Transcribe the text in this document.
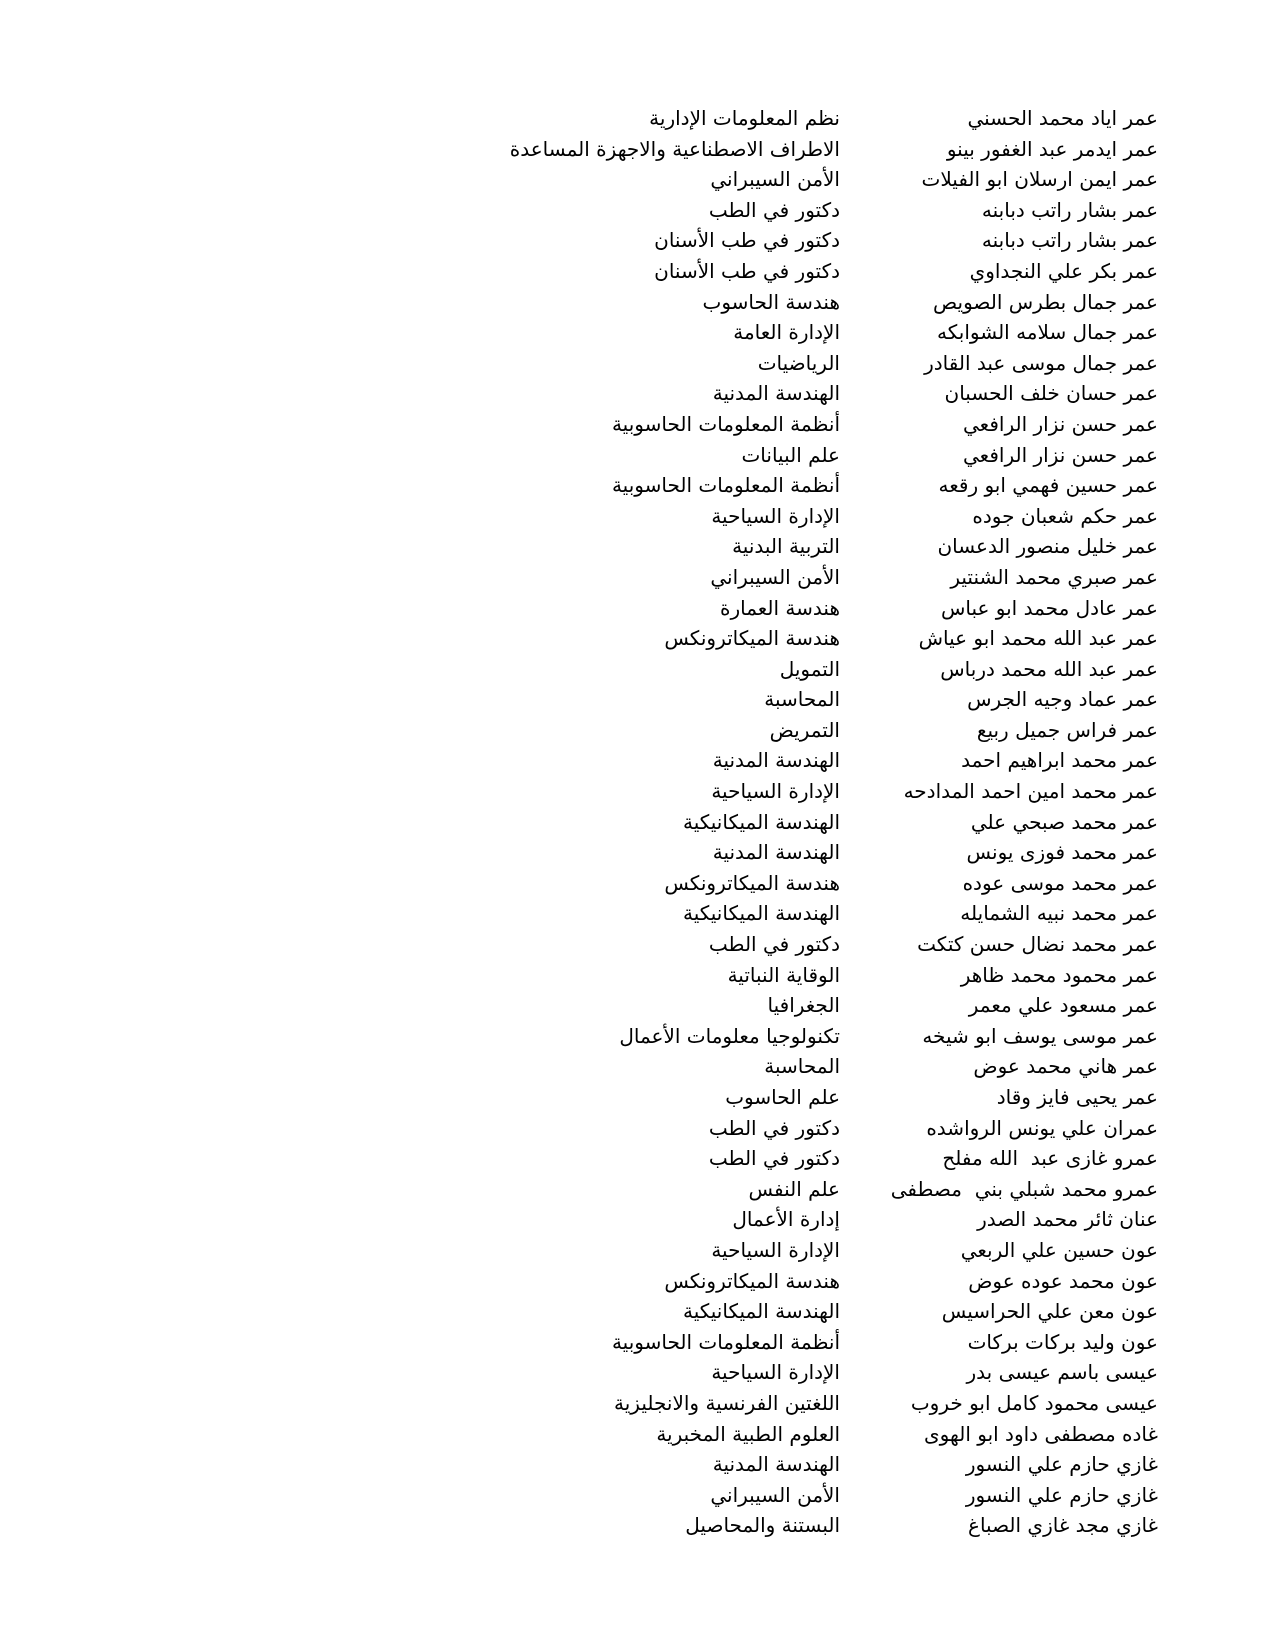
عمر اياد محمد الحسني
نظم المعلومات الإدارية
عمر ايدمر عبد الغفور بينو
الاطراف الاصطناعية والاجهزة المساعدة
عمر ايمن ارسلان ابو الفيلات
الأمن السيبراني
عمر بشار راتب دبابنه
دكتور في الطب
عمر بشار راتب دبابنه
دكتور في طب الأسنان
عمر بكر علي النجداوي
دكتور في طب الأسنان
عمر جمال بطرس الصويص
هندسة الحاسوب
عمر جمال سلامه الشوابكه
الإدارة العامة
عمر جمال موسى عبد القادر
الرياضيات
عمر حسان خلف الحسبان
الهندسة المدنية
عمر حسن نزار الرافعي
أنظمة المعلومات الحاسوبية
عمر حسن نزار الرافعي
علم البيانات
عمر حسين فهمي ابو رقعه
أنظمة المعلومات الحاسوبية
عمر حكم شعبان جوده
الإدارة السياحية
عمر خليل منصور الدعسان
التربية البدنية
عمر صبري محمد الشنتير
الأمن السيبراني
عمر عادل محمد ابو عباس
هندسة العمارة
عمر عبد الله محمد ابو عياش
هندسة الميكاترونكس
عمر عبد الله محمد درباس
التمويل
عمر عماد وجيه الجرس
المحاسبة
عمر فراس جميل ربيع
التمريض
عمر محمد ابراهيم احمد
الهندسة المدنية
عمر محمد امين احمد المدادحه
الإدارة السياحية
عمر محمد صبحي علي
الهندسة الميكانيكية
عمر محمد فوزى يونس
الهندسة المدنية
عمر محمد موسى عوده
هندسة الميكاترونكس
عمر محمد نبيه الشمايله
الهندسة الميكانيكية
عمر محمد نضال حسن كتكت
دكتور في الطب
عمر محمود محمد ظاهر
الوقاية النباتية
عمر مسعود علي معمر
الجغرافيا
عمر موسى يوسف ابو شيخه
تكنولوجيا معلومات الأعمال
عمر هاني محمد عوض
المحاسبة
عمر يحيى فايز وقاد
علم الحاسوب
عمران علي يونس الرواشده
دكتور في الطب
عمرو غازى عبد  الله مفلح
دكتور في الطب
عمرو محمد شبلي بني  مصطفى
علم النفس
عنان ثائر محمد الصدر
إدارة الأعمال
عون حسين علي الربعي
الإدارة السياحية
عون محمد عوده عوض
هندسة الميكاترونكس
عون معن علي الحراسيس
الهندسة الميكانيكية
عون وليد بركات بركات
أنظمة المعلومات الحاسوبية
عيسى باسم عيسى بدر
الإدارة السياحية
عيسى محمود كامل ابو خروب
اللغتين الفرنسية والانجليزية
غاده مصطفى داود ابو الهوى
العلوم الطبية المخبرية
غازي حازم علي النسور
الهندسة المدنية
غازي حازم علي النسور
الأمن السيبراني
غازي مجد غازي الصباغ
البستنة والمحاصيل
